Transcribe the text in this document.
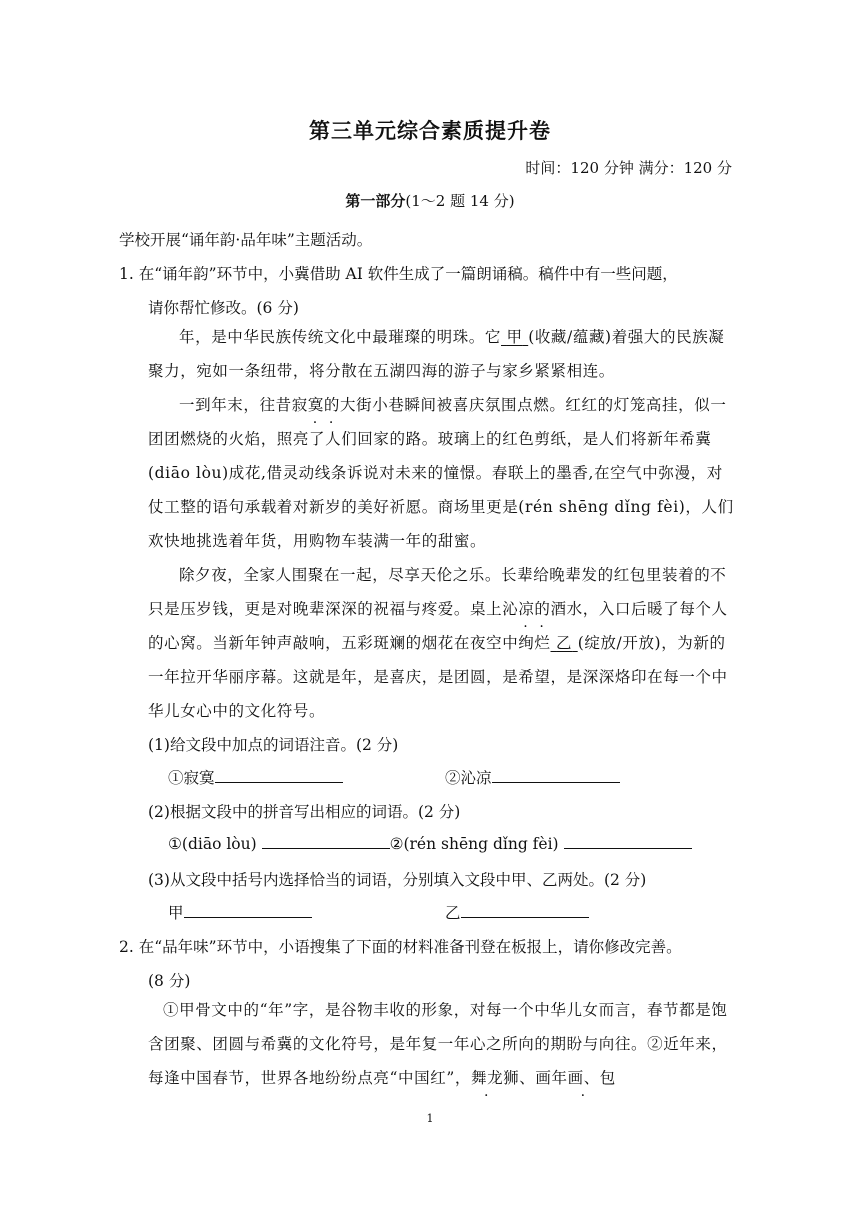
第三单元综合素质提升卷
时间：120 分钟 满分：120 分
第一部分(1～2 题 14 分)
学校开展“诵年韵·品年味”主题活动。
1. 在“诵年韵”环节中，小冀借助 AI 软件生成了一篇朗诵稿。稿件中有一些问题，
请你帮忙修改。(6 分)
年，是中华民族传统文化中最璀璨的明珠。它 甲 (收藏/蕴藏)着强大的民族凝聚力，宛如一条纽带，将分散在五湖四海的游子与家乡紧紧相连。
一到年末，往昔寂寞的大街小巷瞬间被喜庆氛围点燃。红红的灯笼高挂，似一团团燃烧的火焰，照亮了人们回家的路。玻璃上的红色剪纸，是人们将新年希冀(diāo lòu)成花,借灵动线条诉说对未来的憧憬。春联上的墨香,在空气中弥漫，对仗工整的语句承载着对新岁的美好祈愿。商场里更是(rén shēng dǐng fèi)，人们欢快地挑选着年货，用购物车装满一年的甜蜜。
除夕夜，全家人围聚在一起，尽享天伦之乐。长辈给晚辈发的红包里装着的不只是压岁钱，更是对晚辈深深的祝福与疼爱。桌上沁凉的酒水，入口后暖了每个人的心窝。当新年钟声敲响，五彩斑斓的烟花在夜空中绚烂 乙 (绽放/开放)，为新的一年拉开华丽序幕。这就是年，是喜庆，是团圆，是希望，是深深烙印在每一个中华儿女心中的文化符号。
(1)给文段中加点的词语注音。(2 分)
①寂寞	②沁凉
(2)根据文段中的拼音写出相应的词语。(2 分)
①(diāo lòu)	②(rén shēng dǐng fèi)
(3)从文段中括号内选择恰当的词语，分别填入文段中甲、乙两处。(2 分)
甲	乙
2. 在“品年味”环节中，小语搜集了下面的材料准备刊登在板报上，请你修改完善。
(8 分)
①甲骨文中的“年”字，是谷物丰收的形象，对每一个中华儿女而言，春节都是饱含团聚、团圆与希冀的文化符号，是年复一年心之所向的期盼与向往。②近年来，每逢中国春节，世界各地纷纷点亮“中国红”，舞龙狮、画年画、包
1
